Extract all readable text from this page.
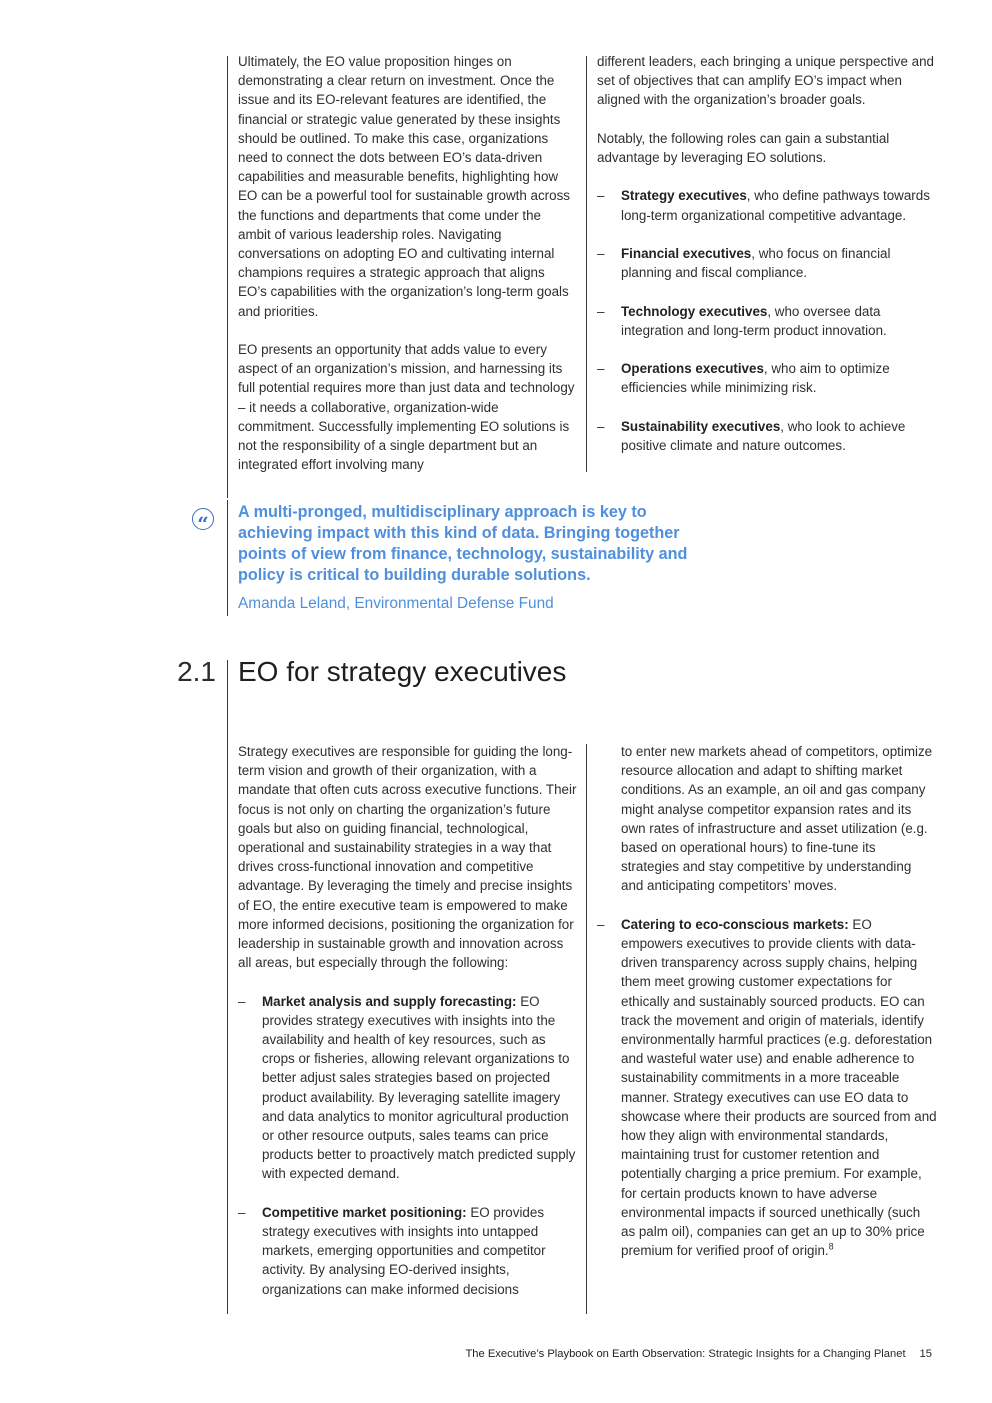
Ultimately, the EO value proposition hinges on demonstrating a clear return on investment. Once the issue and its EO-relevant features are identified, the financial or strategic value generated by these insights should be outlined. To make this case, organizations need to connect the dots between EO’s data-driven capabilities and measurable benefits, highlighting how EO can be a powerful tool for sustainable growth across the functions and departments that come under the ambit of various leadership roles. Navigating conversations on adopting EO and cultivating internal champions requires a strategic approach that aligns EO’s capabilities with the organization’s long-term goals and priorities.

EO presents an opportunity that adds value to every aspect of an organization’s mission, and harnessing its full potential requires more than just data and technology – it needs a collaborative, organization-wide commitment. Successfully implementing EO solutions is not the responsibility of a single department but an integrated effort involving many

different leaders, each bringing a unique perspective and set of objectives that can amplify EO’s impact when aligned with the organization’s broader goals.

Notably, the following roles can gain a substantial advantage by leveraging EO solutions.

– Strategy executives, who define pathways towards long-term organizational competitive advantage.
– Financial executives, who focus on financial planning and fiscal compliance.
– Technology executives, who oversee data integration and long-term product innovation.
– Operations executives, who aim to optimize efficiencies while minimizing risk.
– Sustainability executives, who look to achieve positive climate and nature outcomes.
“	A multi-pronged, multidisciplinary approach is key to achieving impact with this kind of data. Bringing together points of view from finance, technology, sustainability and policy is critical to building durable solutions.
Amanda Leland, Environmental Defense Fund
2.1 EO for strategy executives

Strategy executives are responsible for guiding the long-term vision and growth of their organization, with a mandate that often cuts across executive functions. Their focus is not only on charting the organization’s future goals but also on guiding financial, technological, operational and sustainability strategies in a way that drives cross-functional innovation and competitive advantage. By leveraging the timely and precise insights of EO, the entire executive team is empowered to make more informed decisions, positioning the organization for leadership in sustainable growth and innovation across all areas, but especially through the following:

– Market analysis and supply forecasting: EO provides strategy executives with insights into the availability and health of key resources, such as crops or fisheries, allowing relevant organizations to better adjust sales strategies based on projected product availability. By leveraging satellite imagery and data analytics to monitor agricultural production or other resource outputs, sales teams can price products better to proactively match predicted supply with expected demand.
– Competitive market positioning: EO provides strategy executives with insights into untapped markets, emerging opportunities and competitor activity. By analysing EO-derived insights, organizations can make informed decisions

to enter new markets ahead of competitors, optimize resource allocation and adapt to shifting market conditions. As an example, an oil and gas company might analyse competitor expansion rates and its own rates of infrastructure and asset utilization (e.g. based on operational hours) to fine-tune its strategies and stay competitive by understanding and anticipating competitors’ moves.

– Catering to eco-conscious markets: EO empowers executives to provide clients with data-driven transparency across supply chains, helping them meet growing customer expectations for ethically and sustainably sourced products. EO can track the movement and origin of materials, identify environmentally harmful practices (e.g. deforestation and wasteful water use) and enable adherence to sustainability commitments in a more traceable manner. Strategy executives can use EO data to showcase where their products are sourced from and how they align with environmental standards, maintaining trust for customer retention and potentially charging a price premium. For example, for certain products known to have adverse environmental impacts if sourced unethically (such as palm oil), companies can get an up to 30% price premium for verified proof of origin.$^8$
The Executive’s Playbook on Earth Observation: Strategic Insights for a Changing Planet 15
